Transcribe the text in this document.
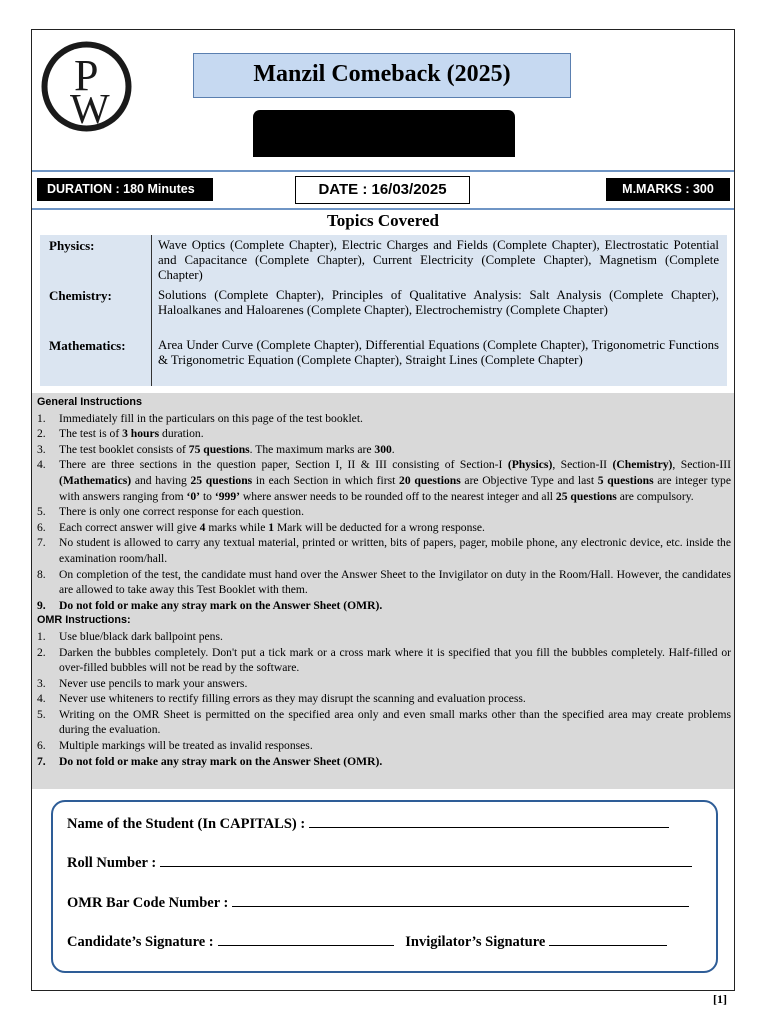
P
W
Manzil Comeback (2025)
DURATION : 180 Minutes	DATE : 16/03/2025	M.MARKS : 300
Topics Covered
Physics:	Wave Optics (Complete Chapter), Electric Charges and Fields (Complete Chapter), Electrostatic Potential and Capacitance (Complete Chapter), Current Electricity (Complete Chapter), Magnetism (Complete Chapter)
Chemistry:	Solutions (Complete Chapter), Principles of Qualitative Analysis: Salt Analysis (Complete Chapter), Haloalkanes and Haloarenes (Complete Chapter), Electrochemistry (Complete Chapter)
Mathematics:	Area Under Curve (Complete Chapter), Differential Equations (Complete Chapter), Trigonometric Functions & Trigonometric Equation (Complete Chapter), Straight Lines (Complete Chapter)
General Instructions
1. Immediately fill in the particulars on this page of the test booklet.
2. The test is of 3 hours duration.
3. The test booklet consists of 75 questions. The maximum marks are 300.
4. There are three sections in the question paper, Section I, II & III consisting of Section-I (Physics), Section-II (Chemistry), Section-III (Mathematics) and having 25 questions in each Section in which first 20 questions are Objective Type and last 5 questions are integer type with answers ranging from ‘0’ to ‘999’ where answer needs to be rounded off to the nearest integer and all 25 questions are compulsory.
5. There is only one correct response for each question.
6. Each correct answer will give 4 marks while 1 Mark will be deducted for a wrong response.
7. No student is allowed to carry any textual material, printed or written, bits of papers, pager, mobile phone, any electronic device, etc. inside the examination room/hall.
8. On completion of the test, the candidate must hand over the Answer Sheet to the Invigilator on duty in the Room/Hall. However, the candidates are allowed to take away this Test Booklet with them.
9. Do not fold or make any stray mark on the Answer Sheet (OMR).
OMR Instructions:
1. Use blue/black dark ballpoint pens.
2. Darken the bubbles completely. Don't put a tick mark or a cross mark where it is specified that you fill the bubbles completely. Half-filled or over-filled bubbles will not be read by the software.
3. Never use pencils to mark your answers.
4. Never use whiteners to rectify filling errors as they may disrupt the scanning and evaluation process.
5. Writing on the OMR Sheet is permitted on the specified area only and even small marks other than the specified area may create problems during the evaluation.
6. Multiple markings will be treated as invalid responses.
7. Do not fold or make any stray mark on the Answer Sheet (OMR).
Name of the Student (In CAPITALS) :
Roll Number :
OMR Bar Code Number :
Candidate’s Signature :	Invigilator’s Signature
[1]
